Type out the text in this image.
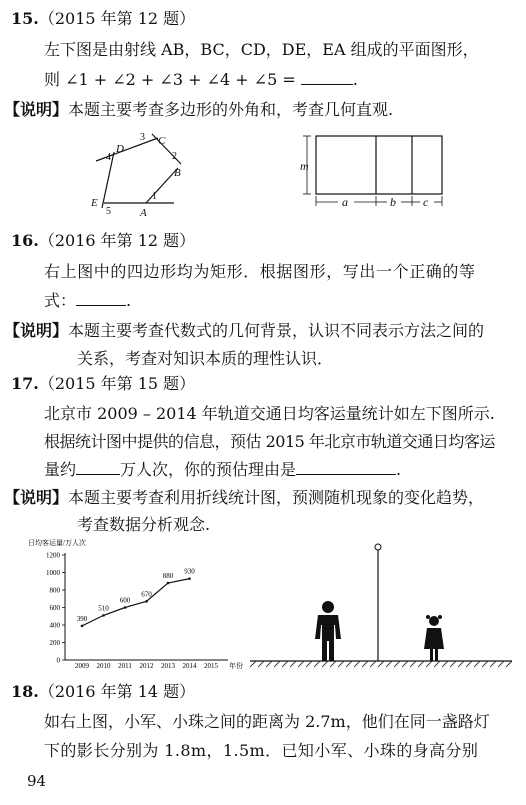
15.（2015 年第 12 题）
左下图是由射线 AB，BC，CD，DE，EA 组成的平面图形，
则 ∠1 + ∠2 + ∠3 + ∠4 + ∠5 =	.
【说明】本题主要考查多边形的外角和，考查几何直观.
A
B
C
D
E
1
2
3
4
5
m
a	b c
16.（2016 年第 12 题）
右上图中的四边形均为矩形．根据图形，写出一个正确的等
式：	.
【说明】本题主要考查代数式的几何背景，认识不同表示方法之间的
关系，考查对知识本质的理性认识．
17.（2015 年第 15 题）
北京市 2009 – 2014 年轨道交通日均客运量统计如左下图所示.
根据统计图中提供的信息，预估 2015 年北京市轨道交通日均客运
量约	万人次，你的预估理由是	.
【说明】本题主要考查利用折线统计图，预测随机现象的变化趋势，
考查数据分析观念.
日均客运量/万人次
0
200
400
600
800
1000
1200
2009 2010 2011 2012 2013 2014 2015
390
510
600
670
880
930
年份
18.（2016 年第 14 题）
如右上图，小军、小珠之间的距离为 2.7m，他们在同一盏路灯
下的影长分别为 1.8m，1.5m．已知小军、小珠的身高分别
94
